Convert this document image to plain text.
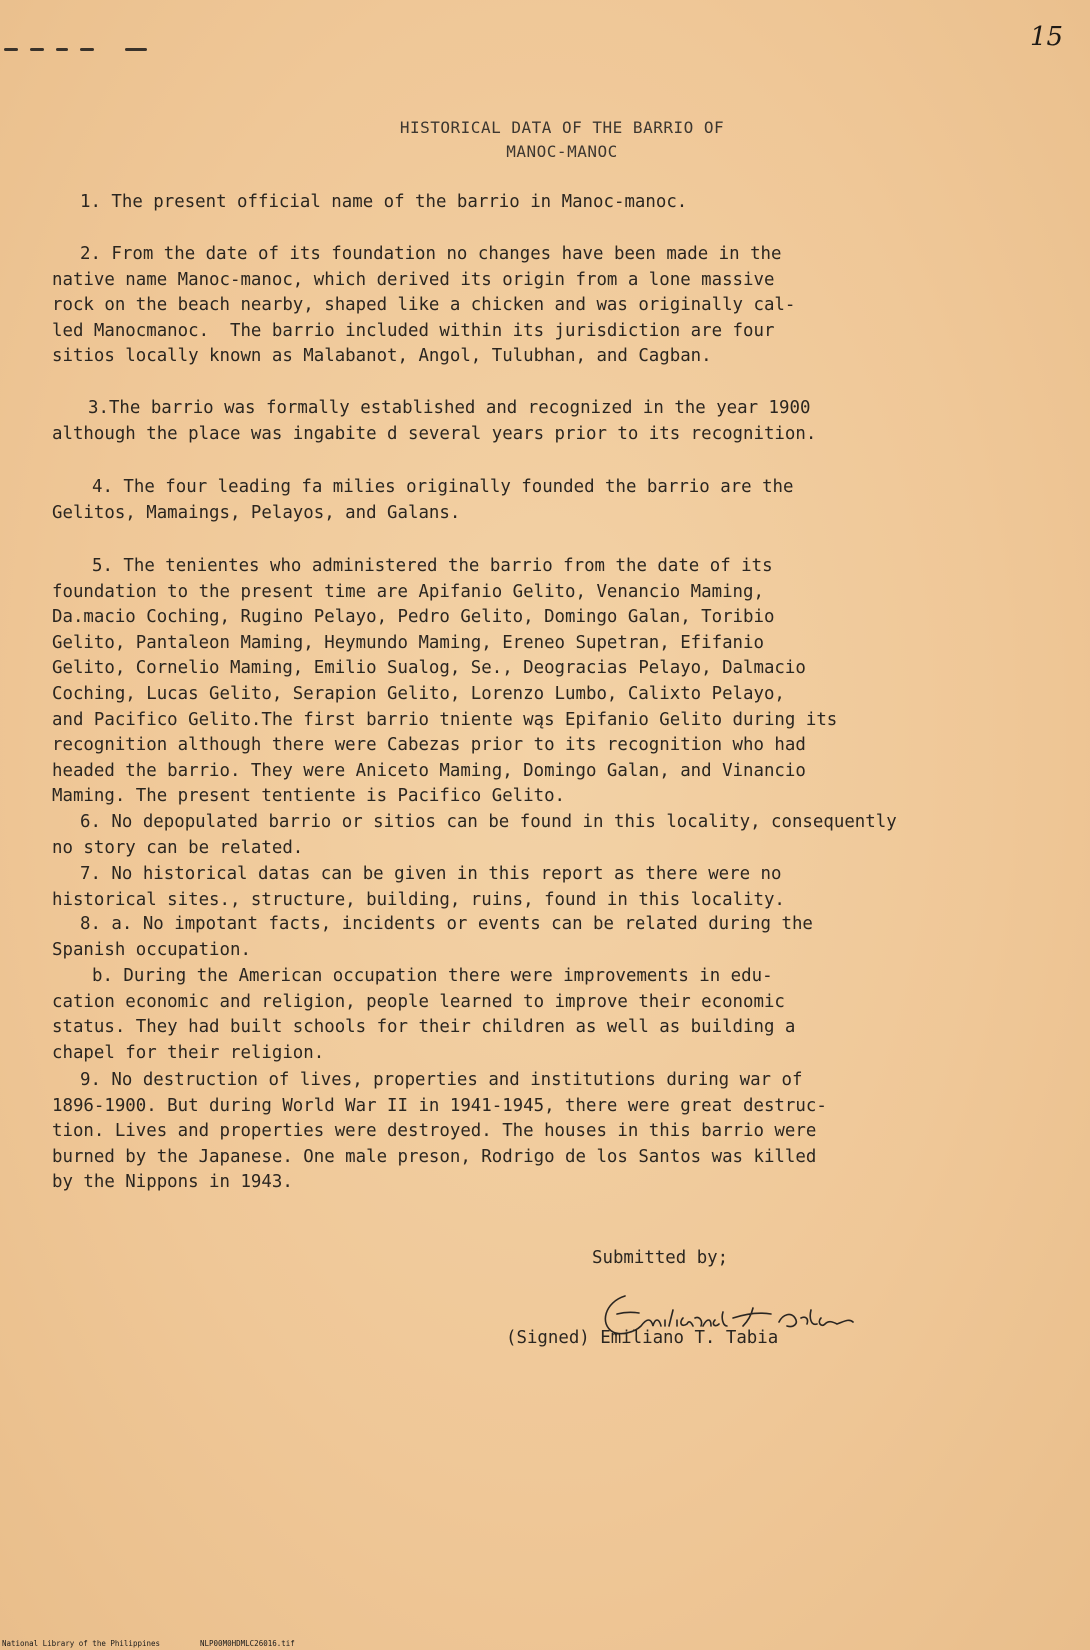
15
HISTORICAL DATA OF THE BARRIO OF
MANOC-MANOC
1. The present official name of the barrio in Manoc-manoc.
2. From the date of its foundation no changes have been made in the
native name Manoc-manoc, which derived its origin from a lone massive
rock on the beach nearby, shaped like a chicken and was originally cal-
led Manocmanoc.  The barrio included within its jurisdiction are four
sitios locally known as Malabanot, Angol, Tulubhan, and Cagban.
3.The barrio was formally established and recognized in the year 1900
although the place was ingabite d several years prior to its recognition.
4. The four leading fa milies originally founded the barrio are the
Gelitos, Mamaings, Pelayos, and Galans.
5. The tenientes who administered the barrio from the date of its
foundation to the present time are Apifanio Gelito, Venancio Maming,
Da.macio Coching, Rugino Pelayo, Pedro Gelito, Domingo Galan, Toribio
Gelito, Pantaleon Maming, Heymundo Maming, Ereneo Supetran, Efifanio
Gelito, Cornelio Maming, Emilio Sualog, Se., Deogracias Pelayo, Dalmacio
Coching, Lucas Gelito, Serapion Gelito, Lorenzo Lumbo, Calixto Pelayo,
and Pacifico Gelito.The first barrio tniente wąs Epifanio Gelito during its
recognition although there were Cabezas prior to its recognition who had
headed the barrio. They were Aniceto Maming, Domingo Galan, and Vinancio
Maming. The present tentiente is Pacifico Gelito.
6. No depopulated barrio or sitios can be found in this locality, consequently
no story can be related.
7. No historical datas can be given in this report as there were no
historical sites., structure, building, ruins, found in this locality.
8. a. No impotant facts, incidents or events can be related during the
Spanish occupation.
b. During the American occupation there were improvements in edu-
cation economic and religion, people learned to improve their economic
status. They had built schools for their children as well as building a
chapel for their religion.
9. No destruction of lives, properties and institutions during war of
1896-1900. But during World War II in 1941-1945, there were great destruc-
tion. Lives and properties were destroyed. The houses in this barrio were
burned by the Japanese. One male preson, Rodrigo de los Santos was killed
by the Nippons in 1943.
Submitted by;
(Signed) Emiliano T. Tabia
National Library of the Philippines	NLP00M0HDMLC26016.tif
